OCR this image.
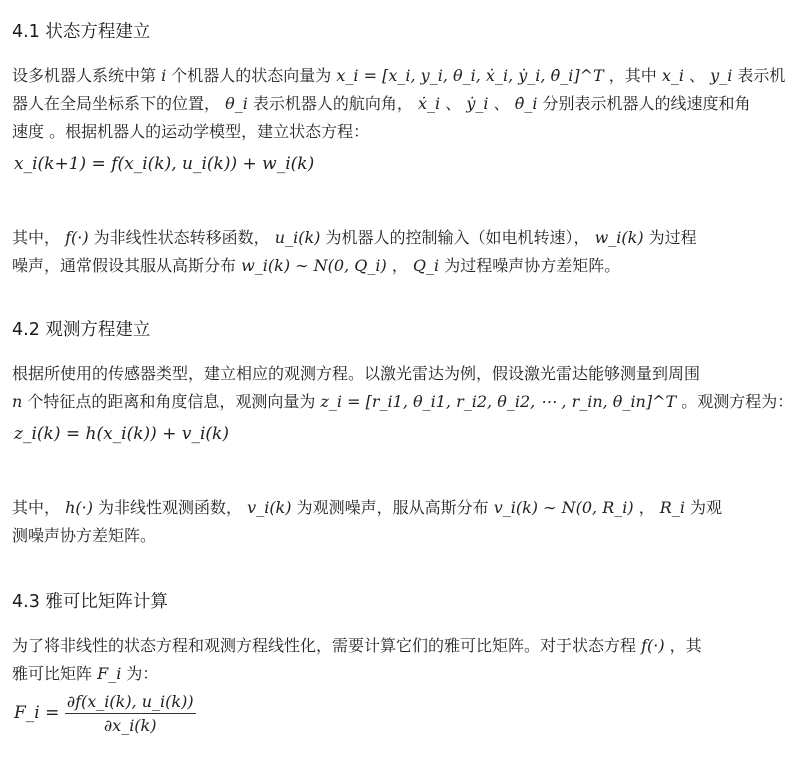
4.1 状态方程建立
设多机器人系统中第 i 个机器人的状态向量为 x_i = [x_i, y_i, θ_i, ẋ_i, ẏ_i, θ̇_i]^T ，其中 x_i 、 y_i 表示机
器人在全局坐标系下的位置， θ_i 表示机器人的航向角， ẋ_i 、 ẏ_i 、 θ̇_i 分别表示机器人的线速度和角
速度 。根据机器人的运动学模型，建立状态方程：
x_i(k+1) = f(x_i(k), u_i(k)) + w_i(k)
其中， f(·) 为非线性状态转移函数， u_i(k) 为机器人的控制输入（如电机转速）， w_i(k) 为过程
噪声，通常假设其服从高斯分布 w_i(k) ∼ N(0, Q_i) ， Q_i 为过程噪声协方差矩阵。
4.2 观测方程建立
根据所使用的传感器类型，建立相应的观测方程。以激光雷达为例，假设激光雷达能够测量到周围
n 个特征点的距离和角度信息，观测向量为 z_i = [r_i1, θ_i1, r_i2, θ_i2, ⋯ , r_in, θ_in]^T 。观测方程为：
z_i(k) = h(x_i(k)) + v_i(k)
其中， h(·) 为非线性观测函数， v_i(k) 为观测噪声，服从高斯分布 v_i(k) ∼ N(0, R_i) ， R_i 为观
测噪声协方差矩阵。
4.3 雅可比矩阵计算
为了将非线性的状态方程和观测方程线性化，需要计算它们的雅可比矩阵。对于状态方程 f(·) ，其
雅可比矩阵 F_i 为：
F_i = $\frac{\partial f(x\_i(k), u\_i(k))}{\partial x\_i(k)}$
